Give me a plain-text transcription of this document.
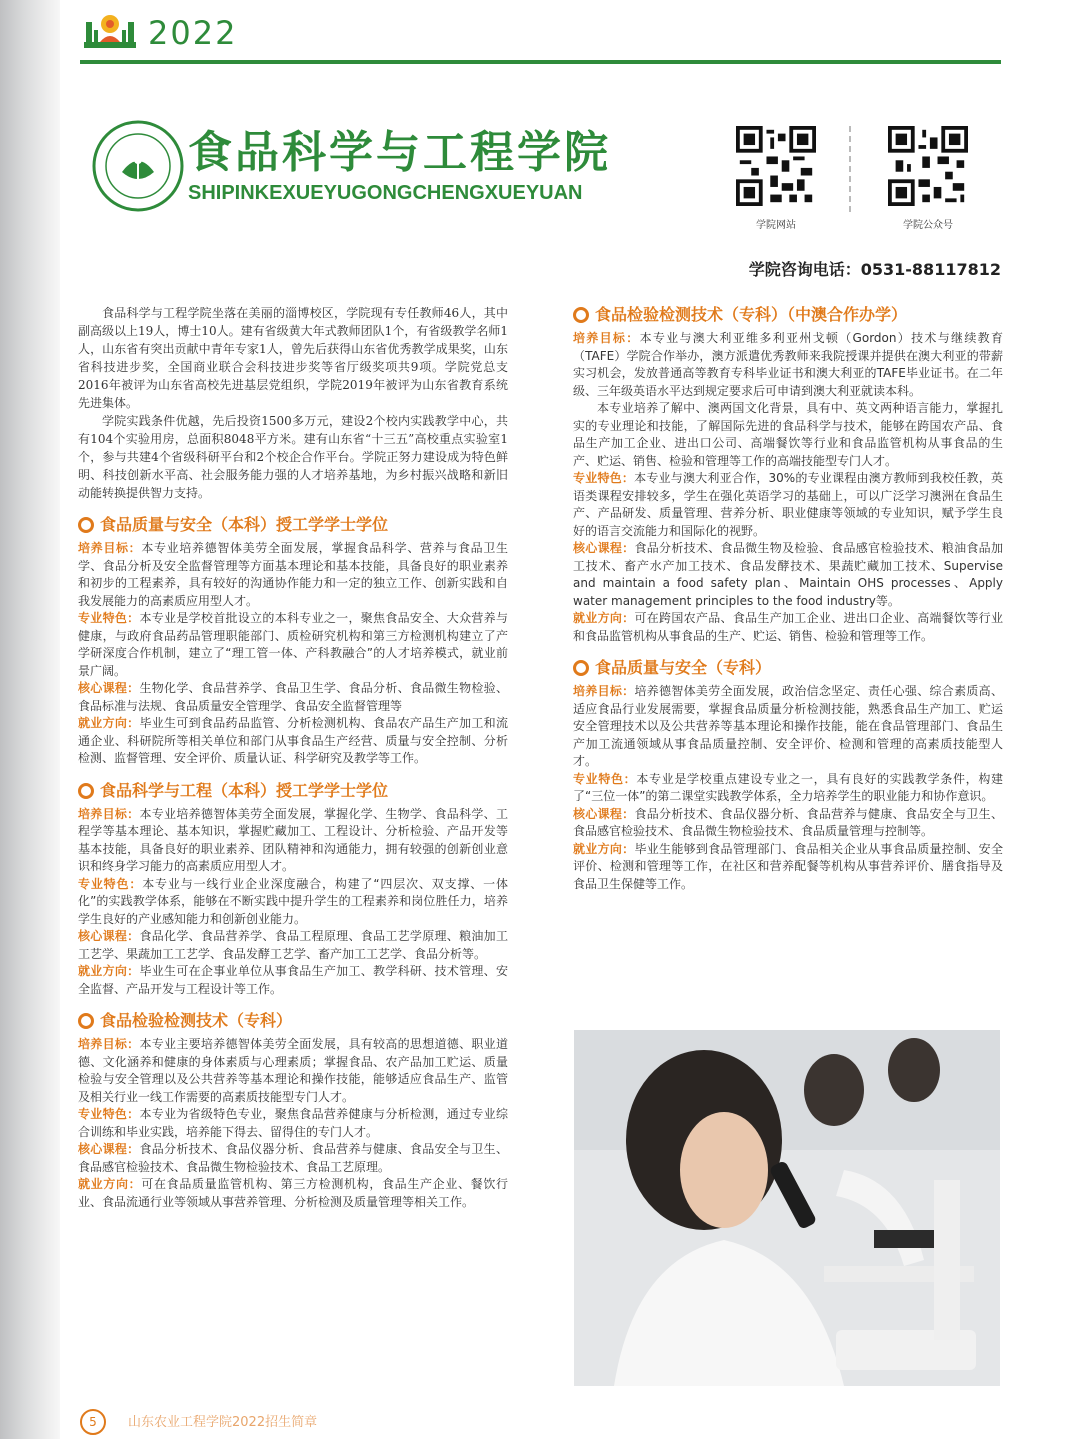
2022
食品科学与工程学院
SHIPINKEXUEYUGONGCHENGXUEYUAN
学院网站	学院公众号
学院咨询电话：0531-88117812

食品科学与工程学院坐落在美丽的淄博校区，学院现有专任教师46人，其中副高级以上19人，博士10人。建有省级黄大年式教师团队1个，有省级教学名师1人，山东省有突出贡献中青年专家1人，曾先后获得山东省优秀教学成果奖，山东省科技进步奖，全国商业联合会科技进步奖等省厅级奖项共9项。学院党总支2016年被评为山东省高校先进基层党组织，学院2019年被评为山东省教育系统先进集体。

学院实践条件优越，先后投资1500多万元，建设2个校内实践教学中心，共有104个实验用房，总面积8048平方米。建有山东省“十三五”高校重点实验室1个，参与共建4个省级科研平台和2个校企合作平台。学院正努力建设成为特色鲜明、科技创新水平高、社会服务能力强的人才培养基地，为乡村振兴战略和新旧动能转换提供智力支持。

食品质量与安全（本科）授工学学士学位

培养目标：本专业培养德智体美劳全面发展，掌握食品科学、营养与食品卫生学、食品分析及安全监督管理等方面基本理论和基本技能，具备良好的职业素养和初步的工程素养，具有较好的沟通协作能力和一定的独立工作、创新实践和自我发展能力的高素质应用型人才。

专业特色：本专业是学校首批设立的本科专业之一，聚焦食品安全、大众营养与健康，与政府食品药品管理职能部门、质检研究机构和第三方检测机构建立了产学研深度合作机制，建立了“理工管一体、产科教融合”的人才培养模式，就业前景广阔。

核心课程：生物化学、食品营养学、食品卫生学、食品分析、食品微生物检验、食品标准与法规、食品质量安全管理学、食品安全监督管理等

就业方向：毕业生可到食品药品监管、分析检测机构、食品农产品生产加工和流通企业、科研院所等相关单位和部门从事食品生产经营、质量与安全控制、分析检测、监督管理、安全评价、质量认证、科学研究及教学等工作。

食品科学与工程（本科）授工学学士学位

培养目标：本专业培养德智体美劳全面发展，掌握化学、生物学、食品科学、工程学等基本理论、基本知识，掌握贮藏加工、工程设计、分析检验、产品开发等基本技能，具备良好的职业素养、团队精神和沟通能力，拥有较强的创新创业意识和终身学习能力的高素质应用型人才。

专业特色：本专业与一线行业企业深度融合，构建了“四层次、双支撑、一体化”的实践教学体系，能够在不断实践中提升学生的工程素养和岗位胜任力，培养学生良好的产业感知能力和创新创业能力。

核心课程：食品化学、食品营养学、食品工程原理、食品工艺学原理、粮油加工工艺学、果蔬加工工艺学、食品发酵工艺学、畜产加工工艺学、食品分析等。

就业方向：毕业生可在企事业单位从事食品生产加工、教学科研、技术管理、安全监督、产品开发与工程设计等工作。

食品检验检测技术（专科）

培养目标：本专业主要培养德智体美劳全面发展，具有较高的思想道德、职业道德、文化涵养和健康的身体素质与心理素质；掌握食品、农产品加工贮运、质量检验与安全管理以及公共营养等基本理论和操作技能，能够适应食品生产、监管及相关行业一线工作需要的高素质技能型专门人才。

专业特色：本专业为省级特色专业，聚焦食品营养健康与分析检测，通过专业综合训练和毕业实践，培养能下得去、留得住的专门人才。

核心课程：食品分析技术、食品仪器分析、食品营养与健康、食品安全与卫生、食品感官检验技术、食品微生物检验技术、食品工艺原理。

就业方向：可在食品质量监管机构、第三方检测机构，食品生产企业、餐饮行业、食品流通行业等领域从事营养管理、分析检测及质量管理等相关工作。

食品检验检测技术（专科）（中澳合作办学）

培养目标：本专业与澳大利亚维多利亚州戈顿（Gordon）技术与继续教育（TAFE）学院合作举办，澳方派遣优秀教师来我院授课并提供在澳大利亚的带薪实习机会，发放普通高等教育专科毕业证书和澳大利亚的TAFE毕业证书。在二年级、三年级英语水平达到规定要求后可申请到澳大利亚就读本科。

本专业培养了解中、澳两国文化背景，具有中、英文两种语言能力，掌握扎实的专业理论和技能，了解国际先进的食品科学与技术，能够在跨国农产品、食品生产加工企业、进出口公司、高端餐饮等行业和食品监管机构从事食品的生产、贮运、销售、检验和管理等工作的高端技能型专门人才。

专业特色：本专业与澳大利亚合作，30%的专业课程由澳方教师到我校任教，英语类课程安排较多，学生在强化英语学习的基础上，可以广泛学习澳洲在食品生产、产品研发、质量管理、营养分析、职业健康等领域的专业知识，赋予学生良好的语言交流能力和国际化的视野。

核心课程：食品分析技术、食品微生物及检验、食品感官检验技术、粮油食品加工技术、畜产水产加工技术、食品发酵技术、果蔬贮藏加工技术、Supervise and maintain a food safety plan、Maintain OHS processes、Apply water management principles to the food industry等。

就业方向：可在跨国农产品、食品生产加工企业、进出口企业、高端餐饮等行业和食品监管机构从事食品的生产、贮运、销售、检验和管理等工作。

食品质量与安全（专科）

培养目标：培养德智体美劳全面发展，政治信念坚定、责任心强、综合素质高、适应食品行业发展需要，掌握食品质量分析检测技能，熟悉食品生产加工、贮运安全管理技术以及公共营养等基本理论和操作技能，能在食品管理部门、食品生产加工流通领域从事食品质量控制、安全评价、检测和管理的高素质技能型人才。

专业特色：本专业是学校重点建设专业之一，具有良好的实践教学条件，构建了“三位一体”的第二课堂实践教学体系，全力培养学生的职业能力和协作意识。

核心课程：食品分析技术、食品仪器分析、食品营养与健康、食品安全与卫生、食品感官检验技术、食品微生物检验技术、食品质量管理与控制等。

就业方向：毕业生能够到食品管理部门、食品相关企业从事食品质量控制、安全评价、检测和管理等工作，在社区和营养配餐等机构从事营养评价、膳食指导及食品卫生保健等工作。

5	山东农业工程学院2022招生简章
